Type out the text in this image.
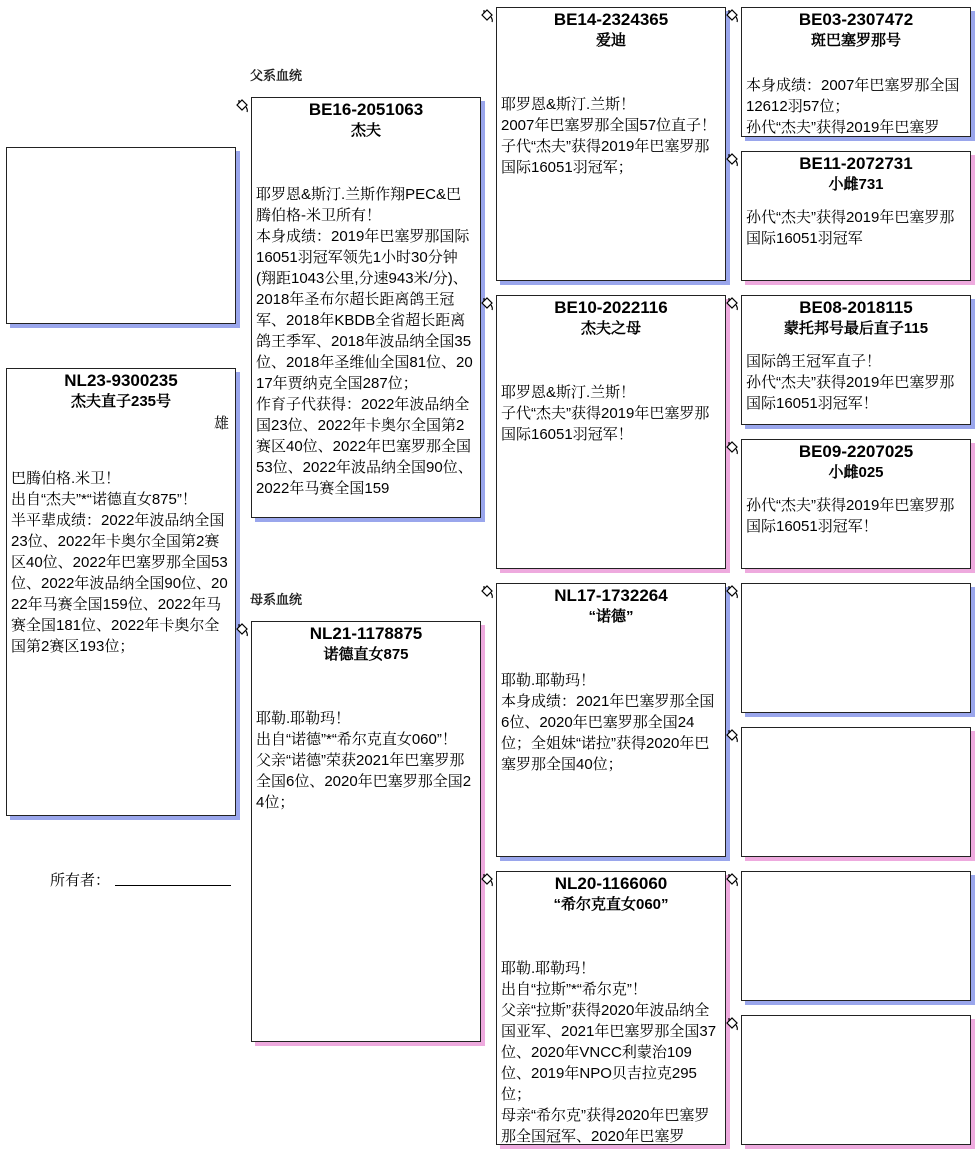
NL23-9300235
杰夫直子235号
雄
巴腾伯格.米卫！
出自“杰夫”*“诺德直女875”！
半平辈成绩：2022年波品纳全国23位、2022年卡奥尔全国第2赛区40位、2022年巴塞罗那全国53位、2022年波品纳全国90位、2022年马赛全国159位、2022年马赛全国181位、2022年卡奥尔全国第2赛区193位；
所有者：
父系血统
母系血统
BE16-2051063
杰夫
耶罗恩&斯汀.兰斯作翔PEC&巴腾伯格-米卫所有！
本身成绩：2019年巴塞罗那国际16051羽冠军领先1小时30分钟(翔距1043公里,分速943米/分)、2018年圣布尔超长距离鸽王冠军、2018年KBDB全省超长距离鸽王季军、2018年波品纳全国35位、2018年圣维仙全国81位、2017年贾纳克全国287位；
作育子代获得：2022年波品纳全国23位、2022年卡奥尔全国第2赛区40位、2022年巴塞罗那全国53位、2022年波品纳全国90位、2022年马赛全国159
NL21-1178875
诺德直女875
耶勒.耶勒玛！
出自“诺德”*“希尔克直女060”！
父亲“诺德”荣获2021年巴塞罗那全国6位、2020年巴塞罗那全国24位；
BE14-2324365
爱迪
耶罗恩&斯汀.兰斯！
2007年巴塞罗那全国57位直子！
子代“杰夫”获得2019年巴塞罗那国际16051羽冠军；
BE10-2022116
杰夫之母
耶罗恩&斯汀.兰斯！
子代“杰夫”获得2019年巴塞罗那国际16051羽冠军！
NL17-1732264
“诺德”
耶勒.耶勒玛！
本身成绩：2021年巴塞罗那全国6位、2020年巴塞罗那全国24位；全姐妹“诺拉”获得2020年巴塞罗那全国40位；
NL20-1166060
“希尔克直女060”
耶勒.耶勒玛！
出自“拉斯”*“希尔克”！
父亲“拉斯”获得2020年波品纳全国亚军、2021年巴塞罗那全国37位、2020年VNCC利蒙治109位、2019年NPO贝吉拉克295位；
母亲“希尔克”获得2020年巴塞罗那全国冠军、2020年巴塞罗
BE03-2307472
斑巴塞罗那号
本身成绩：2007年巴塞罗那全国12612羽57位；
孙代“杰夫”获得2019年巴塞罗
BE11-2072731
小雌731
孙代“杰夫”获得2019年巴塞罗那国际16051羽冠军
BE08-2018115
蒙托邦号最后直子115
国际鸽王冠军直子！
孙代“杰夫”获得2019年巴塞罗那国际16051羽冠军！
BE09-2207025
小雌025
孙代“杰夫”获得2019年巴塞罗那国际16051羽冠军！
